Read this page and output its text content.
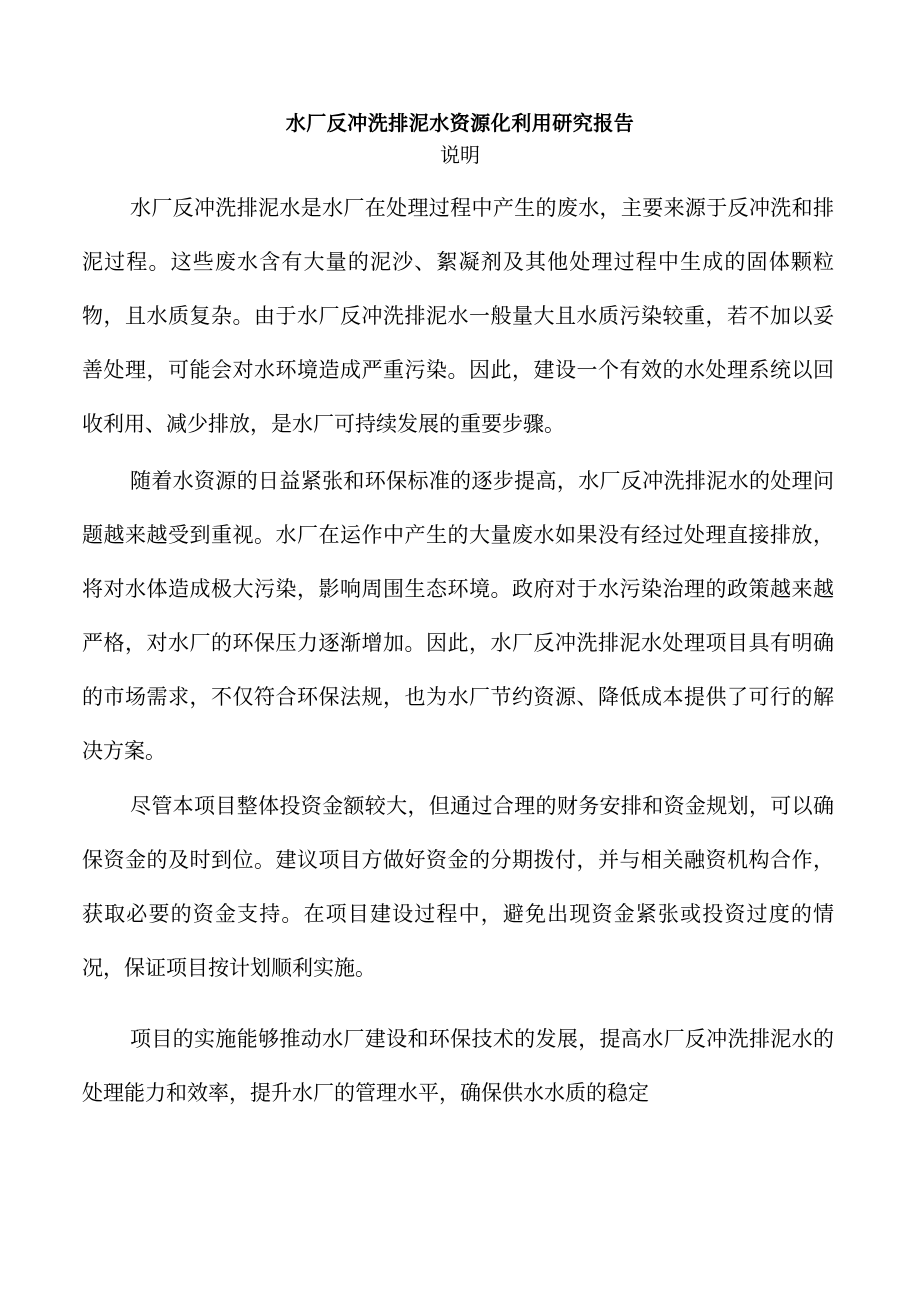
水厂反冲洗排泥水资源化利用研究报告
说明

水厂反冲洗排泥水是水厂在处理过程中产生的废水，主要来源于反冲洗和排泥过程。这些废水含有大量的泥沙、絮凝剂及其他处理过程中生成的固体颗粒物，且水质复杂。由于水厂反冲洗排泥水一般量大且水质污染较重，若不加以妥善处理，可能会对水环境造成严重污染。因此，建设一个有效的水处理系统以回收利用、减少排放，是水厂可持续发展的重要步骤。

随着水资源的日益紧张和环保标准的逐步提高，水厂反冲洗排泥水的处理问题越来越受到重视。水厂在运作中产生的大量废水如果没有经过处理直接排放，将对水体造成极大污染，影响周围生态环境。政府对于水污染治理的政策越来越严格，对水厂的环保压力逐渐增加。因此，水厂反冲洗排泥水处理项目具有明确的市场需求，不仅符合环保法规，也为水厂节约资源、降低成本提供了可行的解决方案。

尽管本项目整体投资金额较大，但通过合理的财务安排和资金规划，可以确保资金的及时到位。建议项目方做好资金的分期拨付，并与相关融资机构合作，获取必要的资金支持。在项目建设过程中，避免出现资金紧张或投资过度的情况，保证项目按计划顺利实施。

项目的实施能够推动水厂建设和环保技术的发展，提高水厂反冲洗排泥水的处理能力和效率，提升水厂的管理水平，确保供水水质的稳定
